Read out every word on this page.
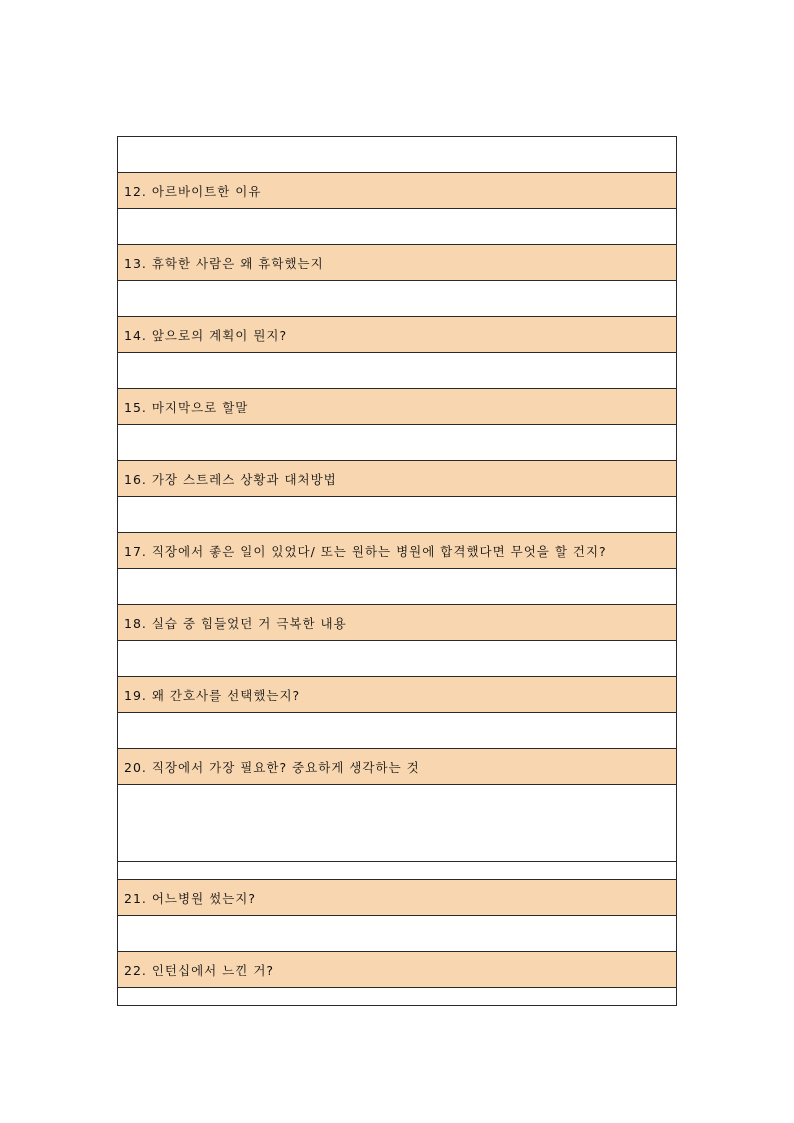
12. 아르바이트한 이유

13. 휴학한 사람은 왜 휴학했는지

14. 앞으로의 계획이 뭔지?

15. 마지막으로 할말

16. 가장 스트레스 상황과 대처방법

17. 직장에서 좋은 일이 있었다/ 또는 원하는 병원에 합격했다면 무엇을 할 건지?

18. 실습 중 힘들었던 거 극복한 내용

19. 왜 간호사를 선택했는지?

20. 직장에서 가장 필요한? 중요하게 생각하는 것

21. 어느병원 썼는지?

22. 인턴십에서 느낀 거?
